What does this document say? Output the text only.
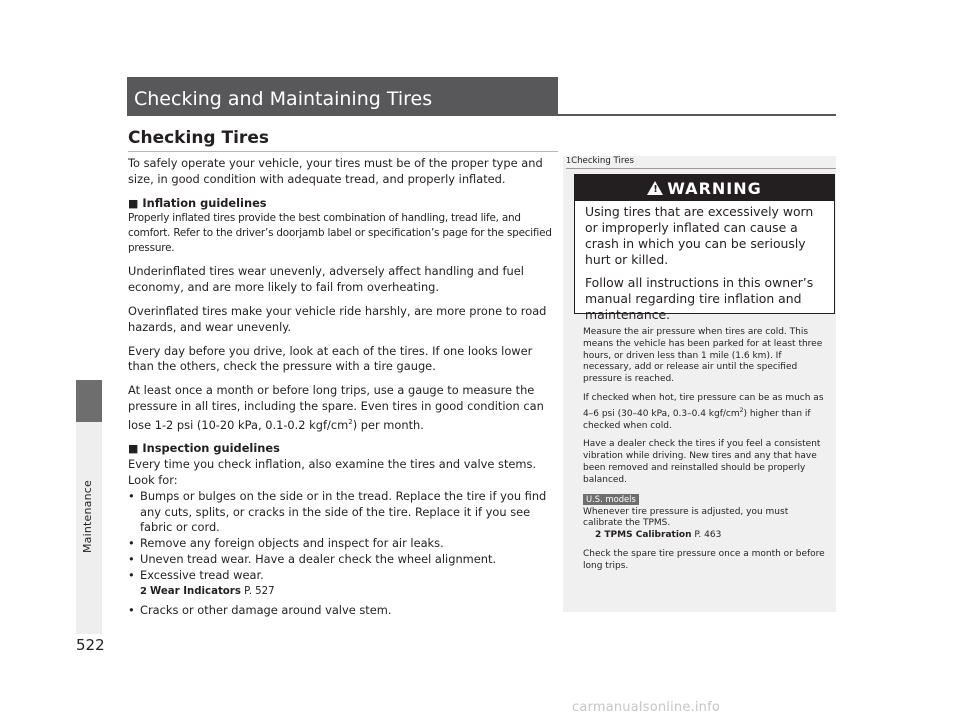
Maintenance
522
Checking and Maintaining Tires
Checking Tires

To safely operate your vehicle, your tires must be of the proper type and size, in good condition with adequate tread, and properly inflated.

■ Inflation guidelines

Properly inflated tires provide the best combination of handling, tread life, and comfort. Refer to the driver’s doorjamb label or specification’s page for the specified pressure.

Underinflated tires wear unevenly, adversely affect handling and fuel economy, and are more likely to fail from overheating.

Overinflated tires make your vehicle ride harshly, are more prone to road hazards, and wear unevenly.

Every day before you drive, look at each of the tires. If one looks lower than the others, check the pressure with a tire gauge.

At least once a month or before long trips, use a gauge to measure the pressure in all tires, including the spare. Even tires in good condition can lose 1-2 psi (10-20 kPa, 0.1-0.2 kgf/$cm^2$) per month.

■ Inspection guidelines
Every time you check inflation, also examine the tires and valve stems.
Look for:
• Bumps or bulges on the side or in the tread. Replace the tire if you find any cuts, splits, or cracks in the side of the tire. Replace it if you see fabric or cord.
• Remove any foreign objects and inspect for air leaks.
• Uneven tread wear. Have a dealer check the wheel alignment.
• Excessive tread wear.
2 Wear Indicators P. 527
• Cracks or other damage around valve stem.
1Checking Tires
! WARNING

Using tires that are excessively worn or improperly inflated can cause a crash in which you can be seriously hurt or killed.

Follow all instructions in this owner’s manual regarding tire inflation and maintenance.

Measure the air pressure when tires are cold. This means the vehicle has been parked for at least three hours, or driven less than 1 mile (1.6 km). If necessary, add or release air until the specified pressure is reached.

If checked when hot, tire pressure can be as much as 4–6 psi (30–40 kPa, 0.3–0.4 kgf/$cm^2$) higher than if checked when cold.

Have a dealer check the tires if you feel a consistent vibration while driving. New tires and any that have been removed and reinstalled should be properly balanced.

U.S. models
Whenever tire pressure is adjusted, you must calibrate the TPMS.

2 TPMS Calibration P. 463

Check the spare tire pressure once a month or before long trips.

carmanualsonline.info
